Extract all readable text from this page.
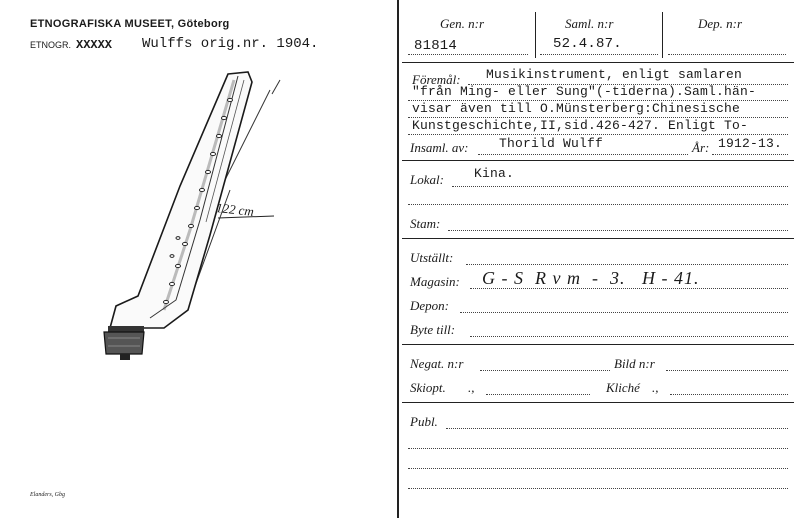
ETNOGRAFISKA MUSEET, Göteborg
ETNOGR. XXXXX Wulffs orig.nr. 1904.
122 cm
Elanders, Gbg
Gen. n:r	Saml. n:r	Dep. n:r
81814	52.4.87.
Föremål: Musikinstrument, enligt samlaren
"från Ming- eller Sung"(-tiderna).Saml.hän-
visar även till O.Münsterberg:Chinesische
Kunstgeschichte,II,sid.426-427. Enligt To-
Insaml. av: Thorild Wulff	År: 1912-13.
Lokal: Kina.
Stam:
Utställt:
Magasin: G - S  R v m  -  3.   H - 41.
Depon:
Byte till:
Negat. n:r	Bild n:r
Skiopt. .,	Kliché .,
Publ.
